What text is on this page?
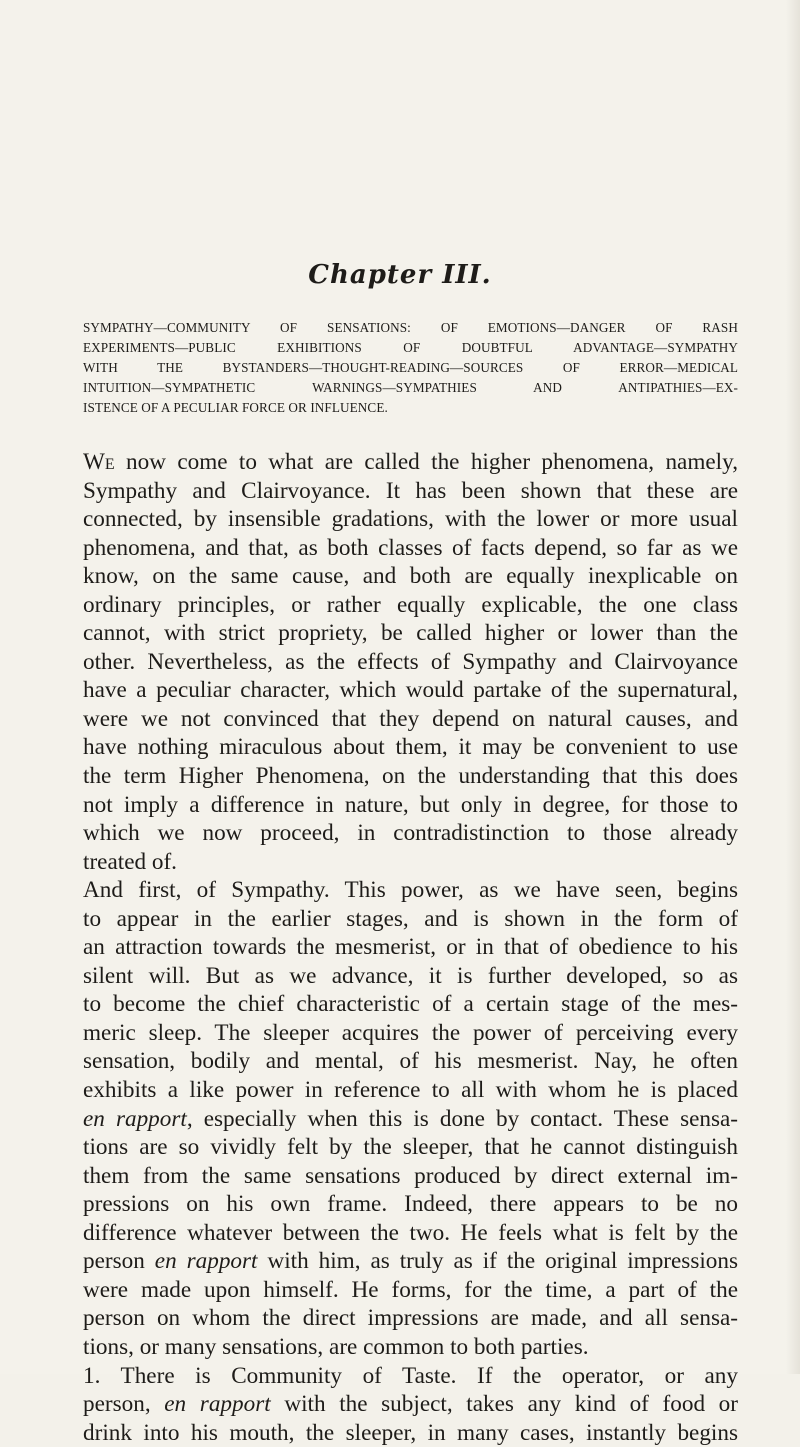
Chapter III.
SYMPATHY—COMMUNITY OF SENSATIONS: OF EMOTIONS—DANGER OF RASH
EXPERIMENTS—PUBLIC EXHIBITIONS OF DOUBTFUL ADVANTAGE—SYMPATHY
WITH THE BYSTANDERS—THOUGHT-READING—SOURCES OF ERROR—MEDICAL
INTUITION—SYMPATHETIC WARNINGS—SYMPATHIES AND ANTIPATHIES—EX-
ISTENCE OF A PECULIAR FORCE OR INFLUENCE.
We now come to what are called the higher phenomena, namely,
Sympathy and Clairvoyance. It has been shown that these are
connected, by insensible gradations, with the lower or more usual
phenomena, and that, as both classes of facts depend, so far as we
know, on the same cause, and both are equally inexplicable on
ordinary principles, or rather equally explicable, the one class
cannot, with strict propriety, be called higher or lower than the
other. Nevertheless, as the effects of Sympathy and Clairvoyance
have a peculiar character, which would partake of the supernatural,
were we not convinced that they depend on natural causes, and
have nothing miraculous about them, it may be convenient to use
the term Higher Phenomena, on the understanding that this does
not imply a difference in nature, but only in degree, for those to
which we now proceed, in contradistinction to those already
treated of.
And first, of Sympathy. This power, as we have seen, begins
to appear in the earlier stages, and is shown in the form of
an attraction towards the mesmerist, or in that of obedience to his
silent will. But as we advance, it is further developed, so as
to become the chief characteristic of a certain stage of the mes-
meric sleep. The sleeper acquires the power of perceiving every
sensation, bodily and mental, of his mesmerist. Nay, he often
exhibits a like power in reference to all with whom he is placed
en rapport, especially when this is done by contact. These sensa-
tions are so vividly felt by the sleeper, that he cannot distinguish
them from the same sensations produced by direct external im-
pressions on his own frame. Indeed, there appears to be no
difference whatever between the two. He feels what is felt by the
person en rapport with him, as truly as if the original impressions
were made upon himself. He forms, for the time, a part of the
person on whom the direct impressions are made, and all sensa-
tions, or many sensations, are common to both parties.
1. There is Community of Taste. If the operator, or any
person, en rapport with the subject, takes any kind of food or
drink into his mouth, the sleeper, in many cases, instantly begins
